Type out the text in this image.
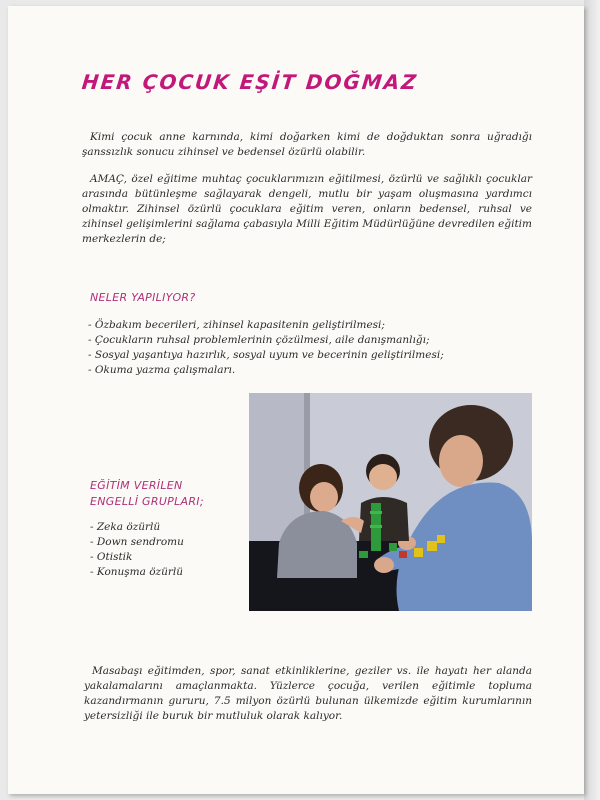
HER ÇOCUK EŞİT DOĞMAZ

Kimi çocuk anne karnında, kimi doğarken kimi de doğduktan sonra uğradığı şanssızlık sonucu zihinsel ve bedensel özürlü olabilir.

AMAÇ, özel eğitime muhtaç çocuklarımızın eğitilmesi, özürlü ve sağlıklı çocuklar arasında bütünleşme sağlayarak dengeli, mutlu bir yaşam oluşmasına yardımcı olmaktır. Zihinsel özürlü çocuklara eğitim veren, onların bedensel, ruhsal ve zihinsel gelişimlerini sağlama çabasıyla Milli Eğitim Müdürlüğüne devredilen eğitim merkezlerin de;

NELER YAPILIYOR?

- Özbakım becerileri, zihinsel kapasitenin geliştirilmesi;
- Çocukların ruhsal problemlerinin çözülmesi, aile danışmanlığı;
- Sosyal yaşantıya hazırlık, sosyal uyum ve becerinin geliştirilmesi;
- Okuma yazma çalışmaları.
EĞİTİM VERİLEN
ENGELLİ GRUPLARI;
- Zeka özürlü
- Down sendromu
- Otistik
- Konuşma özürlü

Masabaşı eğitimden, spor, sanat etkinliklerine, geziler vs. ile hayatı her alanda yakalamalarını amaçlanmakta. Yüzlerce çocuğa, verilen eğitimle topluma kazandırmanın gururu, 7.5 milyon özürlü bulunan ülkemizde eğitim kurumlarının yetersizliği ile buruk bir mutluluk olarak kalıyor.
